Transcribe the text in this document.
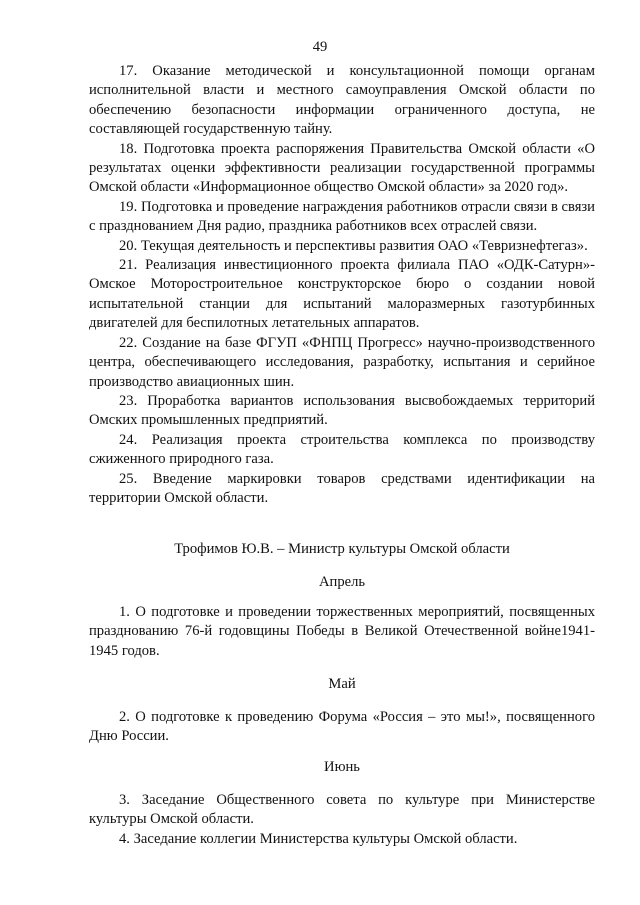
49

17. Оказание методической и консультационной помощи органам исполнительной власти и местного самоуправления Омской области по обеспечению безопасности информации ограниченного доступа, не составляющей государственную тайну.

18. Подготовка проекта распоряжения Правительства Омской области «О результатах оценки эффективности реализации государственной программы Омской области «Информационное общество Омской области» за 2020 год».

19. Подготовка и проведение награждения работников отрасли связи в связи с празднованием Дня радио, праздника работников всех отраслей связи.

20. Текущая деятельность и перспективы развития ОАО «Тевризнефтегаз».

21. Реализация инвестиционного проекта филиала ПАО «ОДК-Сатурн»- Омское Моторостроительное конструкторское бюро о создании новой испытательной станции для испытаний малоразмерных газотурбинных двигателей для беспилотных летательных аппаратов.

22. Создание на базе ФГУП «ФНПЦ Прогресс» научно-производственного центра, обеспечивающего исследования, разработку, испытания и серийное производство авиационных шин.

23. Проработка вариантов использования высвобождаемых территорий Омских промышленных предприятий.

24. Реализация проекта строительства комплекса по производству сжиженного природного газа.

25. Введение маркировки товаров средствами идентификации на территории Омской области.

Трофимов Ю.В. – Министр культуры Омской области

Апрель

1. О подготовке и проведении торжественных мероприятий, посвященных празднованию 76-й годовщины Победы в Великой Отечественной войне1941-1945 годов.

Май

2. О подготовке к проведению Форума «Россия – это мы!», посвященного Дню России.

Июнь

3. Заседание Общественного совета по культуре при Министерстве культуры Омской области.

4. Заседание коллегии Министерства культуры Омской области.
